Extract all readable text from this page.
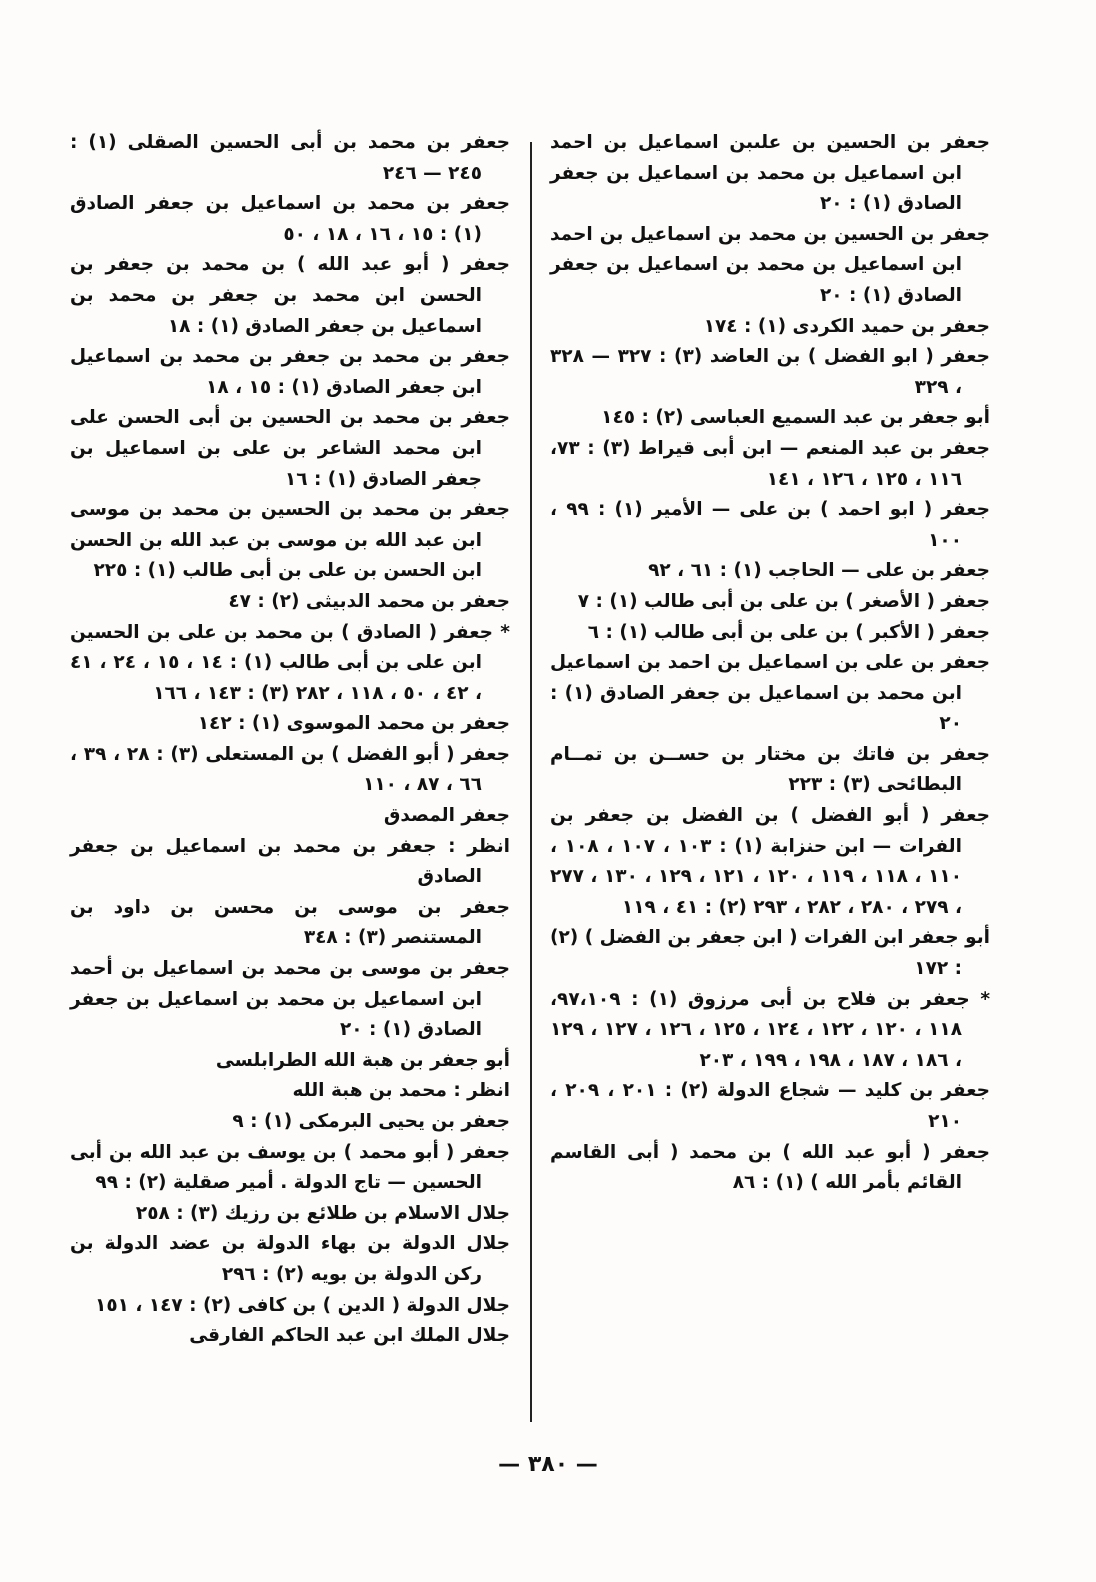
جعفر بن الحسين بن علىبن اسماعيل بن احمد ابن اسماعيل بن محمد بن اسماعيل بن جعفر الصادق (١) : ٢٠
جعفر بن الحسين بن محمد بن اسماعيل بن احمد ابن اسماعيل بن محمد بن اسماعيل بن جعفر الصادق (١) : ٢٠
جعفر بن حميد الكردى (١) : ١٧٤
جعفر ( ابو الفضل ) بن العاضد (٣) : ٣٢٧ — ٣٢٨ ، ٣٢٩
أبو جعفر بن عبد السميع العباسى (٢) : ١٤٥
جعفر بن عبد المنعم — ابن أبى قيراط (٣) : ٧٣، ١١٦ ، ١٢٥ ، ١٢٦ ، ١٤١
جعفر ( ابو احمد ) بن على — الأمير (١) : ٩٩ ، ١٠٠
جعفر بن على — الحاجب (١) : ٦١ ، ٩٢
جعفر ( الأصغر ) بن على بن أبى طالب (١) : ٧
جعفر ( الأكبر ) بن على بن أبى طالب (١) : ٦
جعفر بن على بن اسماعيل بن احمد بن اسماعيل ابن محمد بن اسماعيل بن جعفر الصادق (١) : ٢٠
جعفر بن فاتك بن مختار بن حســن بن تمــام البطائحى (٣) : ٢٢٣
جعفر ( أبو الفضل ) بن الفضل بن جعفر بن الفرات — ابن حنزابة (١) : ١٠٣ ، ١٠٧ ، ١٠٨ ، ١١٠ ، ١١٨ ، ١١٩ ، ١٢٠ ، ١٢١ ، ١٢٩ ، ١٣٠ ، ٢٧٧ ، ٢٧٩ ، ٢٨٠ ، ٢٨٢ ، ٢٩٣ (٢) : ٤١ ، ١١٩
أبو جعفر ابن الفرات ( ابن جعفر بن الفضل ) (٢) : ١٧٢
* جعفر بن فلاح بن أبى مرزوق (١) : ٩٧،١٠٩، ١١٨ ، ١٢٠ ، ١٢٢ ، ١٢٤ ، ١٢٥ ، ١٢٦ ، ١٢٧ ، ١٢٩ ، ١٨٦ ، ١٨٧ ، ١٩٨ ، ١٩٩ ، ٢٠٣
جعفر بن كليد — شجاع الدولة (٢) : ٢٠١ ، ٢٠٩ ، ٢١٠
جعفر ( أبو عبد الله ) بن محمد ( أبى القاسم القائم بأمر الله ) (١) : ٨٦
جعفر بن محمد بن أبى الحسين الصقلى (١) : ٢٤٥ — ٢٤٦
جعفر بن محمد بن اسماعيل بن جعفر الصادق (١) : ١٥ ، ١٦ ، ١٨ ، ٥٠
جعفر ( أبو عبد الله ) بن محمد بن جعفر بن الحسن ابن محمد بن جعفر بن محمد بن اسماعيل بن جعفر الصادق (١) : ١٨
جعفر بن محمد بن جعفر بن محمد بن اسماعيل ابن جعفر الصادق (١) : ١٥ ، ١٨
جعفر بن محمد بن الحسين بن أبى الحسن على ابن محمد الشاعر بن على بن اسماعيل بن جعفر الصادق (١) : ١٦
جعفر بن محمد بن الحسين بن محمد بن موسى ابن عبد الله بن موسى بن عبد الله بن الحسن ابن الحسن بن على بن أبى طالب (١) : ٢٢٥
جعفر بن محمد الدبيثى (٢) : ٤٧
* جعفر ( الصادق ) بن محمد بن على بن الحسين ابن على بن أبى طالب (١) : ١٤ ، ١٥ ، ٢٤ ، ٤١ ، ٤٢ ، ٥٠ ، ١١٨ ، ٢٨٢ (٣) : ١٤٣ ، ١٦٦
جعفر بن محمد الموسوى (١) : ١٤٢
جعفر ( أبو الفضل ) بن المستعلى (٣) : ٢٨ ، ٣٩ ، ٦٦ ، ٨٧ ، ١١٠
جعفر المصدق
انظر : جعفر بن محمد بن اسماعيل بن جعفر الصادق
جعفر بن موسى بن محسن بن داود بن المستنصر (٣) : ٣٤٨
جعفر بن موسى بن محمد بن اسماعيل بن أحمد ابن اسماعيل بن محمد بن اسماعيل بن جعفر الصادق (١) : ٢٠
أبو جعفر بن هبة الله الطرابلسى
انظر : محمد بن هبة الله
جعفر بن يحيى البرمكى (١) : ٩
جعفر ( أبو محمد ) بن يوسف بن عبد الله بن أبى الحسين — تاج الدولة . أمير صقلية (٢) : ٩٩
جلال الاسلام بن طلائع بن رزيك (٣) : ٢٥٨
جلال الدولة بن بهاء الدولة بن عضد الدولة بن ركن الدولة بن بويه (٢) : ٢٩٦
جلال الدولة ( الدين ) بن كافى (٢) : ١٤٧ ، ١٥١
جلال الملك ابن عبد الحاكم الفارقى
— ٣٨٠ —
